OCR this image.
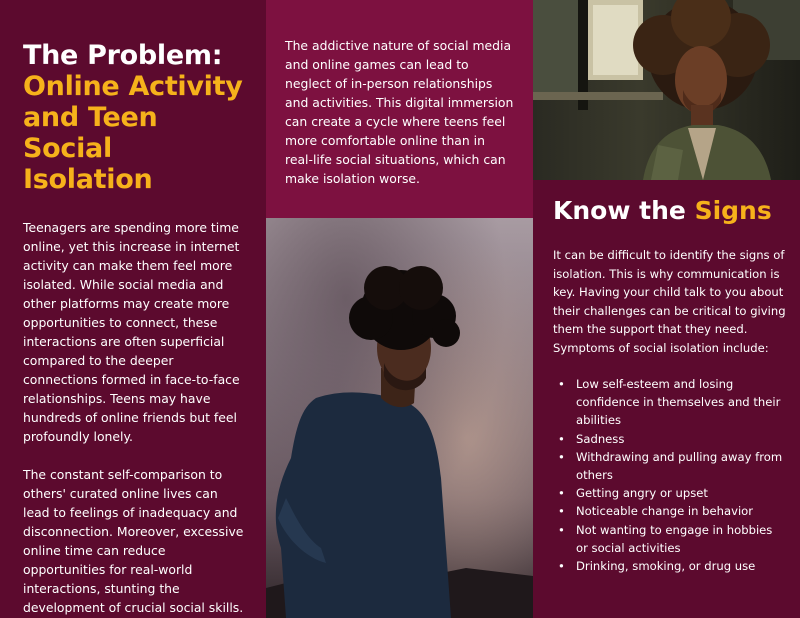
The Problem:
Online Activity
and Teen Social
Isolation

Teenagers are spending more time online, yet this increase in internet activity can make them feel more isolated. While social media and other platforms may create more opportunities to connect, these interactions are often superficial compared to the deeper connections formed in face-to-face relationships. Teens may have hundreds of online friends but feel profoundly lonely.

The constant self-comparison to others' curated online lives can lead to feelings of inadequacy and disconnection. Moreover, excessive online time can reduce opportunities for real-world interactions, stunting the development of crucial social skills.

The addictive nature of social media and online games can lead to neglect of in-person relationships and activities. This digital immersion can create a cycle where teens feel more comfortable online than in real-life social situations, which can make isolation worse.

Know the Signs

It can be difficult to identify the signs of isolation. This is why communication is key. Having your child talk to you about their challenges can be critical to giving them the support that they need. Symptoms of social isolation include:

• Low self-esteem and losing confidence in themselves and their abilities
• Sadness
• Withdrawing and pulling away from others
• Getting angry or upset
• Noticeable change in behavior
• Not wanting to engage in hobbies or social activities
• Drinking, smoking, or drug use
